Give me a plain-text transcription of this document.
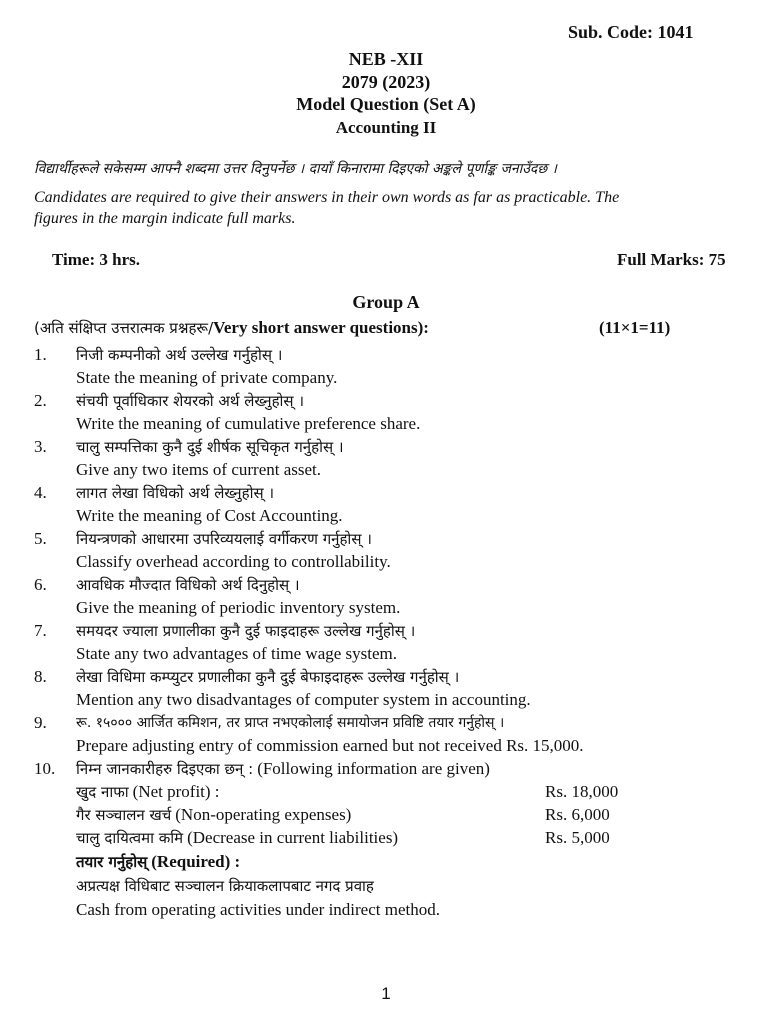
Sub. Code: 1041
NEB -XII
2079 (2023)
Model Question (Set A)
Accounting II
विद्यार्थीहरूले सकेसम्म आफ्नै शब्दमा उत्तर दिनुपर्नेछ । दायाँ किनारामा दिइएको अङ्कले पूर्णाङ्क जनाउँदछ ।
Candidates are required to give their answers in their own words as far as practicable. The
figures in the margin indicate full marks.
Time: 3 hrs.	Full Marks: 75
Group A
(अति संक्षिप्त उत्तरात्मक प्रश्नहरू/Very short answer questions):	(11×1=11)
1. निजी कम्पनीको अर्थ उल्लेख गर्नुहोस् ।
State the meaning of private company.
2. संचयी पूर्वाधिकार शेयरको अर्थ लेख्नुहोस् ।
Write the meaning of cumulative preference share.
3. चालु सम्पत्तिका कुनै दुई शीर्षक सूचिकृत गर्नुहोस् ।
Give any two items of current asset.
4. लागत लेखा विधिको अर्थ लेख्नुहोस् ।
Write the meaning of Cost Accounting.
5. नियन्त्रणको आधारमा उपरिव्ययलाई वर्गीकरण गर्नुहोस् ।
Classify overhead according to controllability.
6. आवधिक मौज्दात विधिको अर्थ दिनुहोस् ।
Give the meaning of periodic inventory system.
7. समयदर ज्याला प्रणालीका कुनै दुई फाइदाहरू उल्लेख गर्नुहोस् ।
State any two advantages of time wage system.
8. लेखा विधिमा कम्प्युटर प्रणालीका कुनै दुई बेफाइदाहरू उल्लेख गर्नुहोस् ।
Mention any two disadvantages of computer system in accounting.
9. रू. १५००० आर्जित कमिशन, तर प्राप्त नभएकोलाई समायोजन प्रविष्टि तयार गर्नुहोस् ।
Prepare adjusting entry of commission earned but not received Rs. 15,000.
10. निम्न जानकारीहरु दिइएका छन् : (Following information are given)
खुद नाफा (Net profit) :	Rs. 18,000
गैर सञ्चालन खर्च (Non-operating expenses)	Rs. 6,000
चालु दायित्वमा कमि (Decrease in current liabilities)	Rs. 5,000
तयार गर्नुहोस् (Required) :
अप्रत्यक्ष विधिबाट सञ्चालन क्रियाकलापबाट नगद प्रवाह
Cash from operating activities under indirect method.
1
